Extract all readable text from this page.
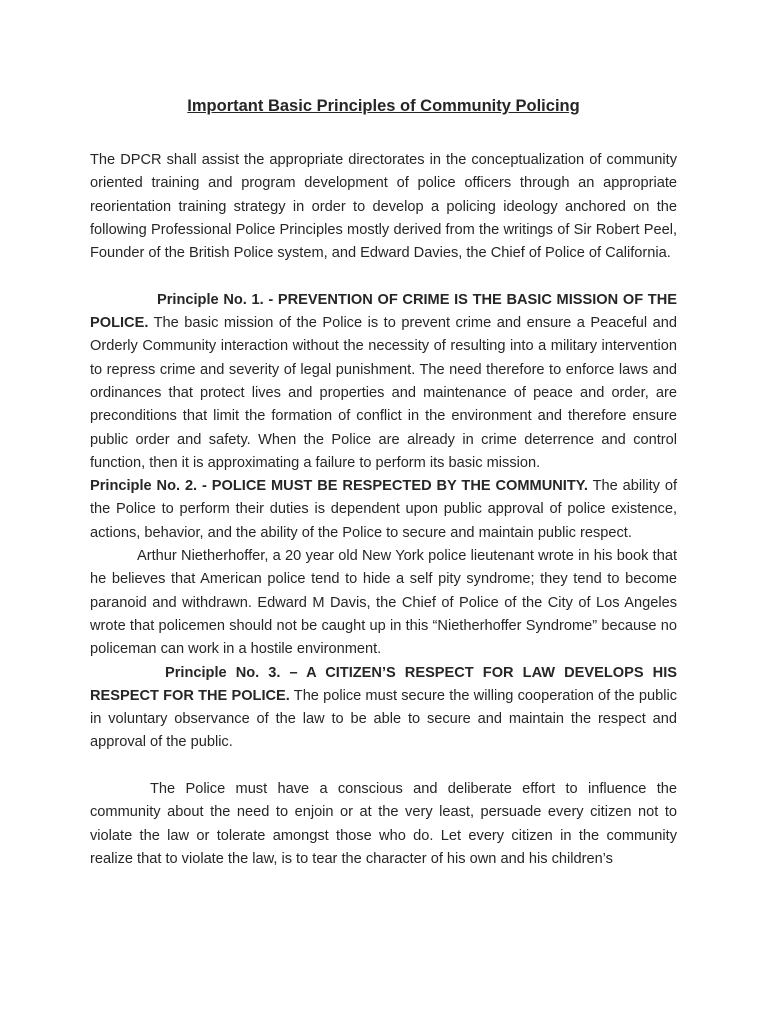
Important Basic Principles of Community Policing

The DPCR shall assist the appropriate directorates in the conceptualization of community oriented training and program development of police officers through an appropriate reorientation training strategy in order to develop a policing ideology anchored on the following Professional Police Principles mostly derived from the writings of Sir Robert Peel, Founder of the British Police system, and Edward Davies, the Chief of Police of California.

Principle No. 1. - PREVENTION OF CRIME IS THE BASIC MISSION OF THE POLICE. The basic mission of the Police is to prevent crime and ensure a Peaceful and Orderly Community interaction without the necessity of resulting into a military intervention to repress crime and severity of legal punishment. The need therefore to enforce laws and ordinances that protect lives and properties and maintenance of peace and order, are preconditions that limit the formation of conflict in the environment and therefore ensure public order and safety. When the Police are already in crime deterrence and control function, then it is approximating a failure to perform its basic mission.

Principle No. 2. - POLICE MUST BE RESPECTED BY THE COMMUNITY. The ability of the Police to perform their duties is dependent upon public approval of police existence, actions, behavior, and the ability of the Police to secure and maintain public respect.

Arthur Nietherhoffer, a 20 year old New York police lieutenant wrote in his book that he believes that American police tend to hide a self pity syndrome; they tend to become paranoid and withdrawn. Edward M Davis, the Chief of Police of the City of Los Angeles wrote that policemen should not be caught up in this “Nietherhoffer Syndrome” because no policeman can work in a hostile environment.

Principle No. 3. – A CITIZEN’S RESPECT FOR LAW DEVELOPS HIS RESPECT FOR THE POLICE. The police must secure the willing cooperation of the public in voluntary observance of the law to be able to secure and maintain the respect and approval of the public.

The Police must have a conscious and deliberate effort to influence the community about the need to enjoin or at the very least, persuade every citizen not to violate the law or tolerate amongst those who do. Let every citizen in the community realize that to violate the law, is to tear the character of his own and his children’s
